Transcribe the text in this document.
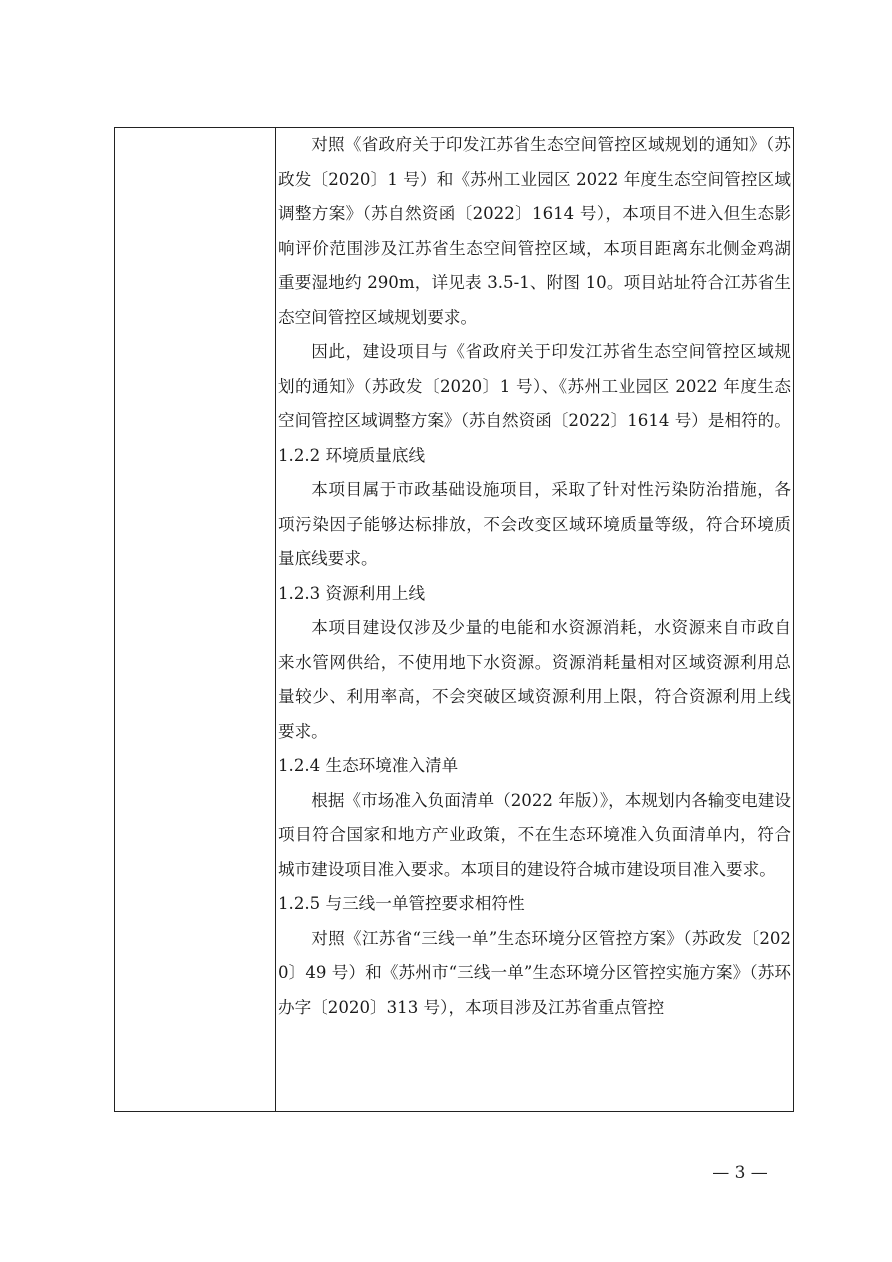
对照《省政府关于印发江苏省生态空间管控区域规划的通知》（苏政发〔2020〕1 号）和《苏州工业园区 2022 年度生态空间管控区域调整方案》（苏自然资函〔2022〕1614 号），本项目不进入但生态影响评价范围涉及江苏省生态空间管控区域，本项目距离东北侧金鸡湖重要湿地约 290m，详见表 3.5-1、附图 10。项目站址符合江苏省生态空间管控区域规划要求。

因此，建设项目与《省政府关于印发江苏省生态空间管控区域规划的通知》（苏政发〔2020〕1 号）、《苏州工业园区 2022 年度生态空间管控区域调整方案》（苏自然资函〔2022〕1614 号）是相符的。

1.2.2 环境质量底线

本项目属于市政基础设施项目，采取了针对性污染防治措施，各项污染因子能够达标排放，不会改变区域环境质量等级，符合环境质量底线要求。

1.2.3 资源利用上线

本项目建设仅涉及少量的电能和水资源消耗，水资源来自市政自来水管网供给，不使用地下水资源。资源消耗量相对区域资源利用总量较少、利用率高，不会突破区域资源利用上限，符合资源利用上线要求。

1.2.4 生态环境准入清单

根据《市场准入负面清单（2022 年版）》，本规划内各输变电建设项目符合国家和地方产业政策，不在生态环境准入负面清单内，符合城市建设项目准入要求。本项目的建设符合城市建设项目准入要求。

1.2.5 与三线一单管控要求相符性

对照《江苏省“三线一单”生态环境分区管控方案》（苏政发〔2020〕49 号）和《苏州市“三线一单”生态环境分区管控实施方案》（苏环办字〔2020〕313 号），本项目涉及江苏省重点管控

— 3 —
